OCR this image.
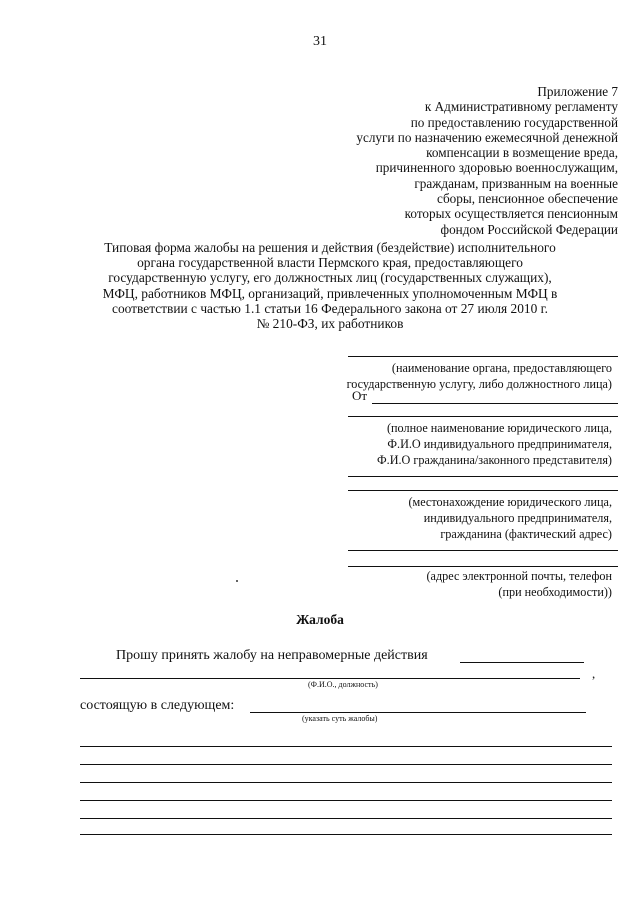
31
Приложение 7
к Административному регламенту
по предоставлению государственной
услуги по назначению ежемесячной денежной
компенсации в возмещение вреда,
причиненного здоровью военнослужащим,
гражданам, призванным на военные
сборы, пенсионное обеспечение
которых осуществляется пенсионным
фондом Российской Федерации
Типовая форма жалобы на решения и действия (бездействие) исполнительного
органа государственной власти Пермского края, предоставляющего
государственную услугу, его должностных лиц (государственных служащих),
МФЦ, работников МФЦ, организаций, привлеченных уполномоченным МФЦ в
соответствии с частью 1.1 статьи 16 Федерального закона от 27 июля 2010 г.
№ 210-ФЗ, их работников
(наименование органа, предоставляющего
государственную услугу, либо должностного лица)
От
(полное наименование юридического лица,
Ф.И.О индивидуального предпринимателя,
Ф.И.О гражданина/законного представителя)
(местонахождение юридического лица,
индивидуального предпринимателя,
гражданина (фактический адрес)
(адрес электронной почты, телефон
(при необходимости))
Жалоба
Прошу принять жалобу на неправомерные действия
,
(Ф.И.О., должность)
состоящую в следующем:
(указать суть жалобы)
